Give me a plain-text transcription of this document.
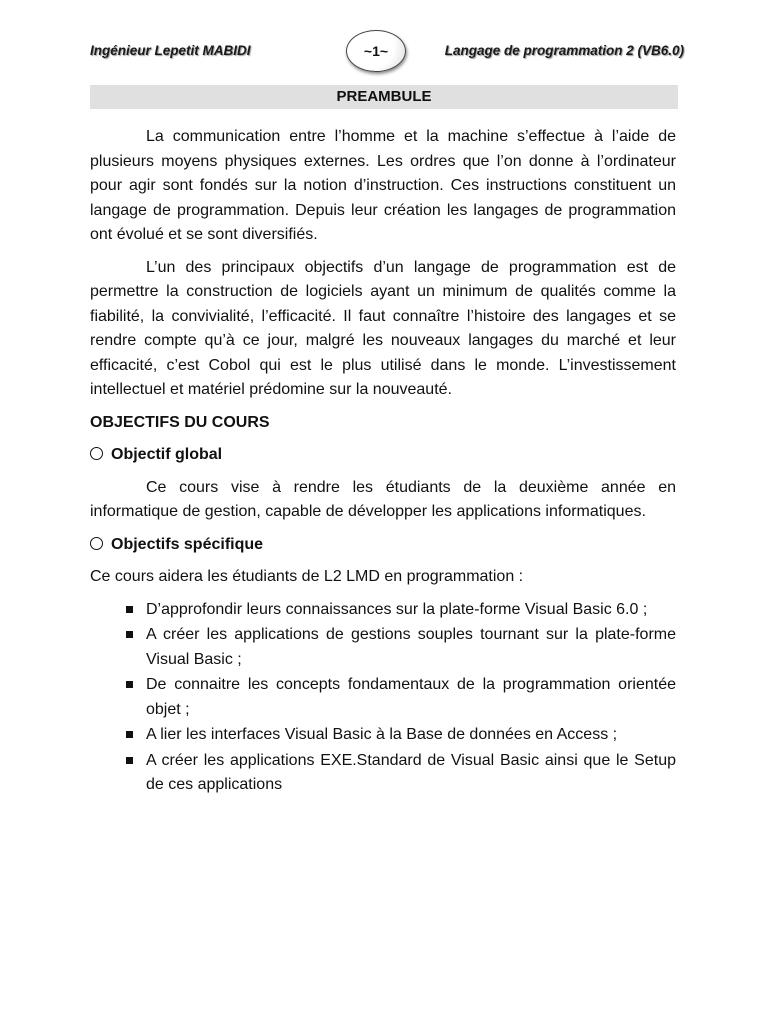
Ingénieur Lepetit MABIDI	~1~	Langage de programmation 2 (VB6.0)
PREAMBULE

La communication entre l’homme et la machine s’effectue à l’aide de plusieurs moyens physiques externes. Les ordres que l’on donne à l’ordinateur pour agir sont fondés sur la notion d’instruction. Ces instructions constituent un langage de programmation. Depuis leur création les langages de programmation ont évolué et se sont diversifiés.

L’un des principaux objectifs d’un langage de programmation est de permettre la construction de logiciels ayant un minimum de qualités comme la fiabilité, la convivialité, l’efficacité. Il faut connaître l’histoire des langages et se rendre compte qu’à ce jour, malgré les nouveaux langages du marché et leur efficacité, c’est Cobol qui est le plus utilisé dans le monde. L’investissement intellectuel et matériel prédomine sur la nouveauté.

OBJECTIFS DU COURS
Objectif global

Ce cours vise à rendre les étudiants de la deuxième année en informatique de gestion, capable de développer les applications informatiques.

Objectifs spécifique

Ce cours aidera les étudiants de L2 LMD en programmation :

D’approfondir leurs connaissances sur la plate-forme Visual Basic 6.0 ;
A créer les applications de gestions souples tournant sur la plate-forme Visual Basic ;
De connaitre les concepts fondamentaux de la programmation orientée objet ;
A lier les interfaces Visual Basic à la Base de données en Access ;
A créer les applications EXE.Standard de Visual Basic ainsi que le Setup de ces applications
